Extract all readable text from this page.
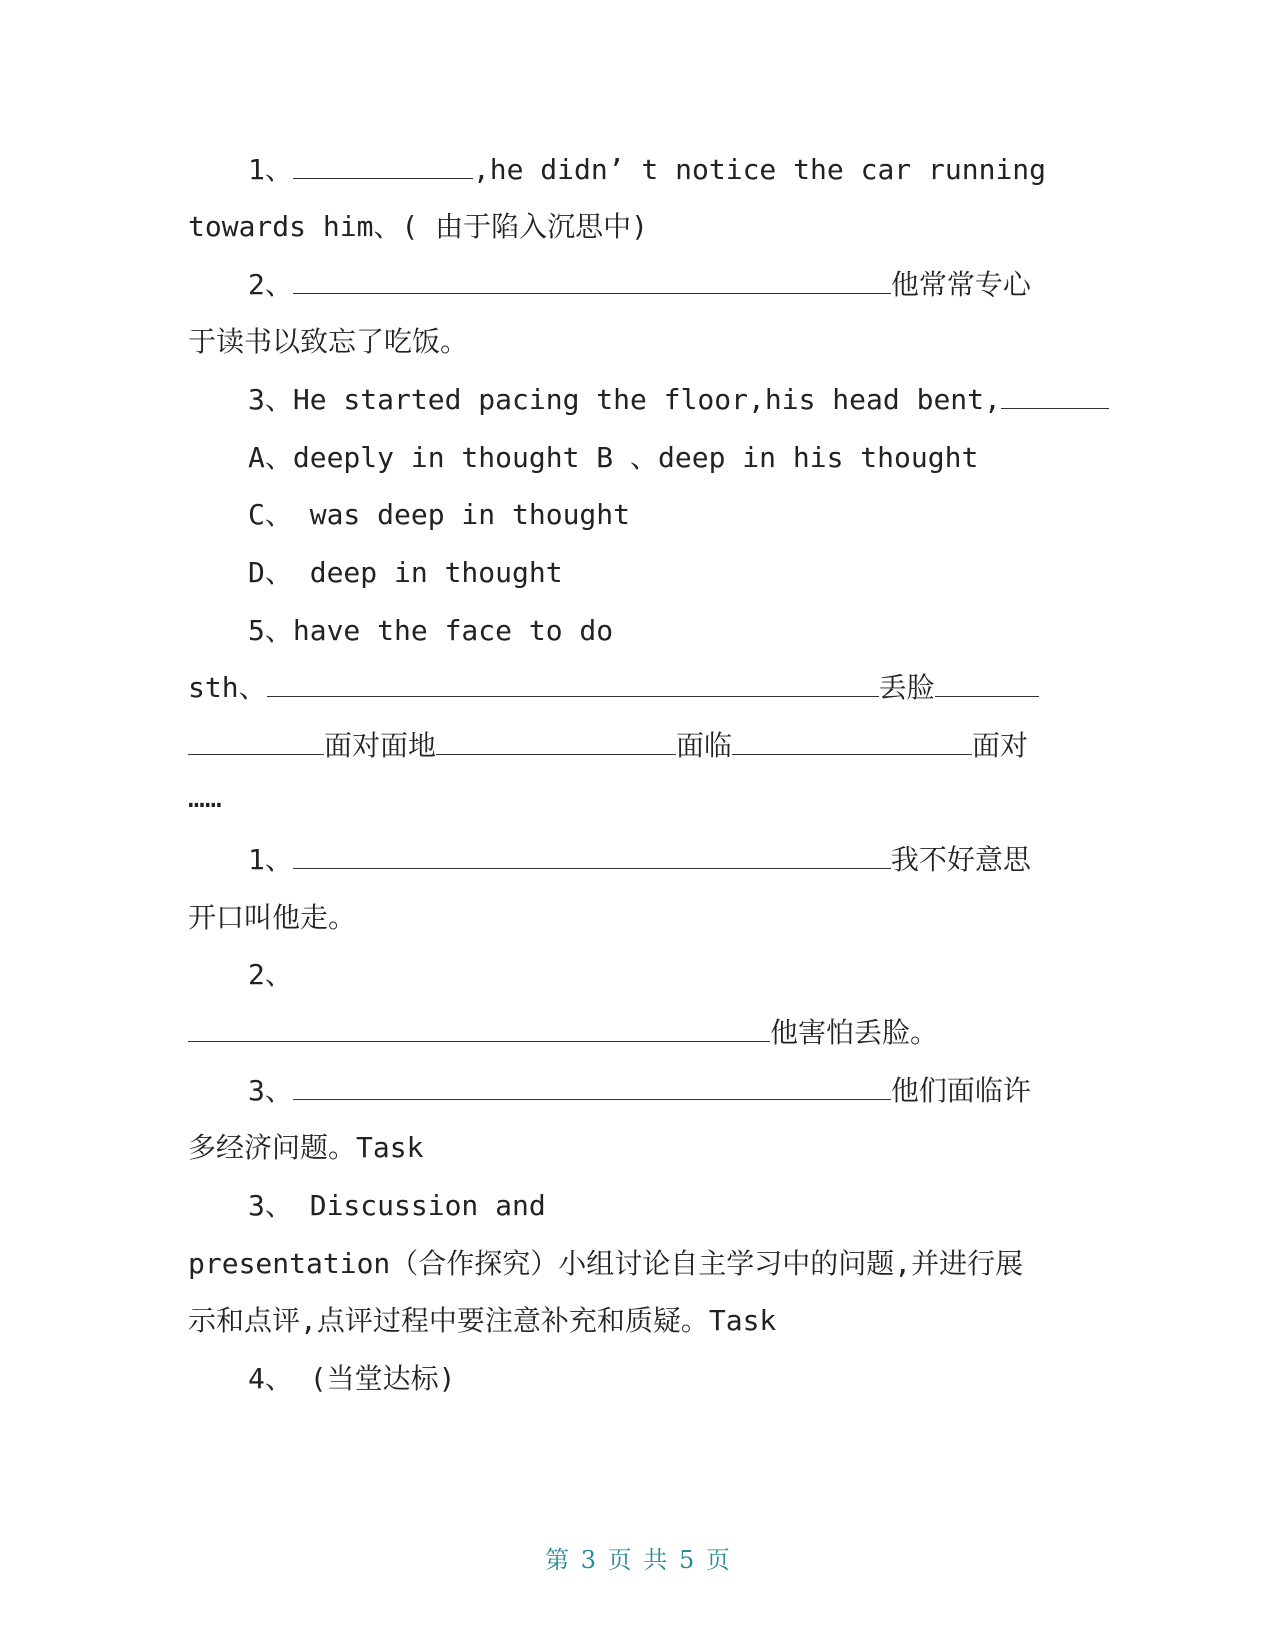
1、	,he didn’ t notice the car running
towards him、( 由于陷入沉思中)
2、	他常常专心
于读书以致忘了吃饭。
3、He started pacing the floor,his head bent,
A、deeply in thought B 、deep in his thought
C、 was deep in thought
D、 deep in thought
5、have the face to do
sth、	丢脸
面对面地	面临	面对
……
1、	我不好意思
开口叫他走。
2、
他害怕丢脸。
3、	他们面临许
多经济问题。Task
3、 Discussion and
presentation（合作探究）小组讨论自主学习中的问题,并进行展
示和点评,点评过程中要注意补充和质疑。Task
4、 (当堂达标)
第 3 页 共 5 页
